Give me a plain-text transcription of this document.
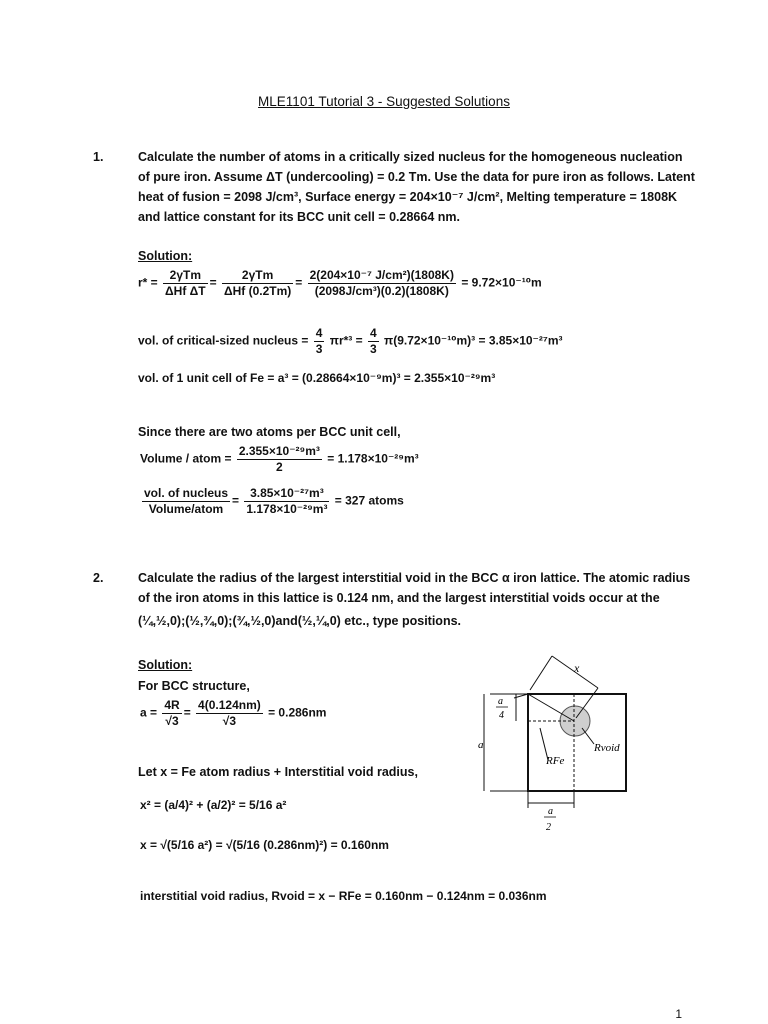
MLE1101 Tutorial 3 - Suggested Solutions
1.	Calculate the number of atoms in a critically sized nucleus for the homogeneous nucleation
of pure iron. Assume ΔT (undercooling) = 0.2 Tm. Use the data for pure iron as follows. Latent
heat of fusion = 2098 J/cm³, Surface energy = 204×10⁻⁷ J/cm², Melting temperature = 1808K
and lattice constant for its BCC unit cell = 0.28664 nm.
Solution:
$r* = \frac{\text{2γTm}}{\text{ΔHf ΔT}} = \frac{\text{2γTm}}{\text{ΔHf (0.2Tm)}} = \frac{\text{2(204×10⁻⁷ J/cm²)(1808K)}}{\text{(2098J/cm³)(0.2)(1808K)}} = 9.72\times 10^{-10}m$
vol. of critical-sized nucleus = $\frac{4}{3} \pi r*^3 = \frac{4}{3} \pi(9.72\times 10^{-10}m)^3 = 3.85\times 10^{-27}m^3$
vol. of 1 unit cell of Fe = a³ = (0.28664×10⁻⁹m)³ = 2.355×10⁻²⁹m³
Since there are two atoms per BCC unit cell,
Volume / atom = $\frac{\text{2.355×10⁻²⁹m³}}{2} = 1.178\times 10^{-29}m^3$
$\frac{\text{vol. of nucleus}}{\text{Volume/atom}} = \frac{\text{3.85×10⁻²⁷m³}}{\text{1.178×10⁻²⁹m³}} = 327$ atoms
2.	Calculate the radius of the largest interstitial void in the BCC α iron lattice. The atomic radius
of the iron atoms in this lattice is 0.124 nm, and the largest interstitial voids occur at the
(¼,½,0);(½,¾,0);(¾,½,0)and(½,¼,0) etc., type positions.
Solution:
For BCC structure,
$a = \frac{4R}{√3} = \frac{4(0.124nm)}{√3} = 0.286nm$
Let x = Fe atom radius + Interstitial void radius,
x² = (a/4)² + (a/2)² = 5/16 a²
x = √(5/16 a²) = √(5/16 (0.286nm)²) = 0.160nm
interstitial void radius, Rvoid = x − RFe = 0.160nm − 0.124nm = 0.036nm
x
a
a
4
a
2
Rvoid
RFe
1
